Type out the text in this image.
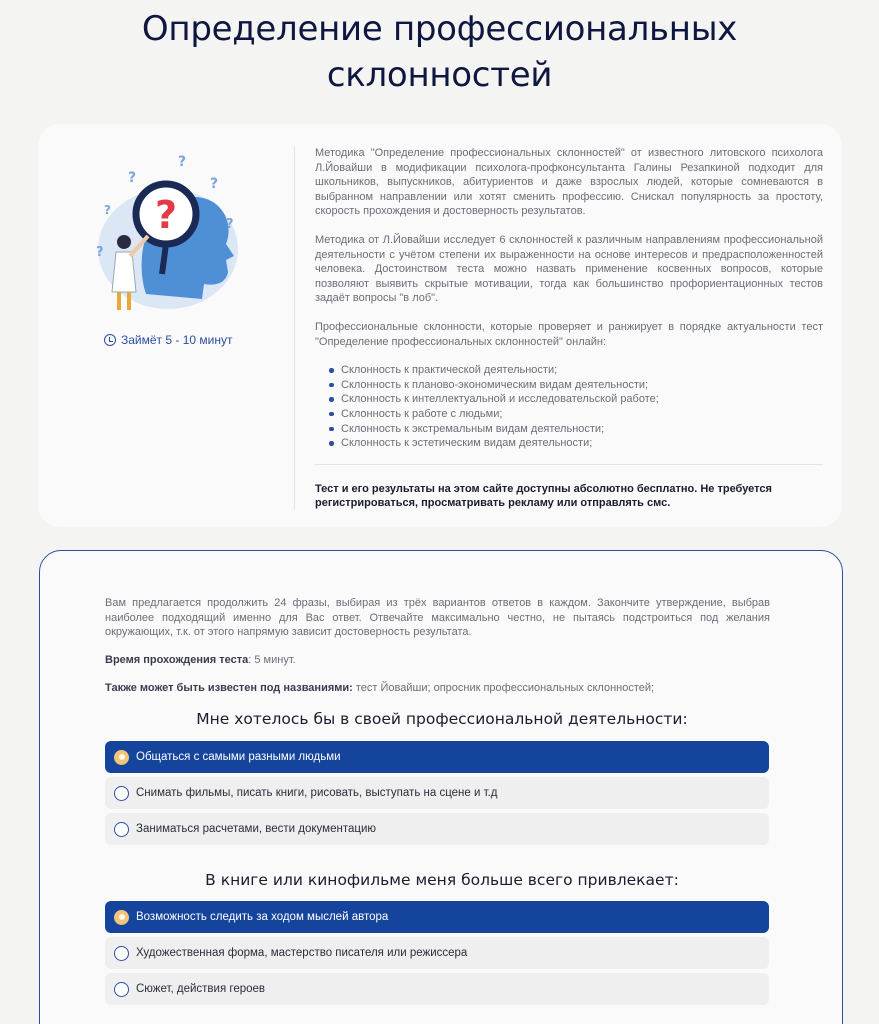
Определение профессиональных
склонностей
?
?
?
?
?
?
?
Займёт 5 - 10 минут

Методика "Определение профессиональных склонностей" от известного литовского психолога Л.Йовайши в модификации психолога-профконсультанта Галины Резапкиной подходит для школьников, выпускников, абитуриентов и даже взрослых людей, которые сомневаются в выбранном направлении или хотят сменить профессию. Снискал популярность за простоту, скорость прохождения и достоверность результатов.

Методика от Л.Йовайши исследует 6 склонностей к различным направлениям профессиональной деятельности с учётом степени их выраженности на основе интересов и предрасположенностей человека. Достоинством теста можно назвать применение косвенных вопросов, которые позволяют выявить скрытые мотивации, тогда как большинство профориентационных тестов задаёт вопросы "в лоб".

Профессиональные склонности, которые проверяет и ранжирует в порядке актуальности тест "Определение профессиональных склонностей" онлайн:

Склонность к практической деятельности;
Склонность к планово-экономическим видам деятельности;
Склонность к интеллектуальной и исследовательской работе;
Склонность к работе с людьми;
Склонность к экстремальным видам деятельности;
Склонность к эстетическим видам деятельности;
Тест и его результаты на этом сайте доступны абсолютно бесплатно. Не требуется регистрироваться, просматривать рекламу или отправлять смс.
Вам предлагается продолжить 24 фразы, выбирая из трёх вариантов ответов в каждом. Закончите утверждение, выбрав наиболее подходящий именно для Вас ответ. Отвечайте максимально честно, не пытаясь подстроиться под желания окружающих, т.к. от этого напрямую зависит достоверность результата.
Время прохождения теста: 5 минут.
Также может быть известен под названиями: тест Йовайши; опросник профессиональных склонностей;
Мне хотелось бы в своей профессиональной деятельности:
Общаться с самыми разными людьми
Снимать фильмы, писать книги, рисовать, выступать на сцене и т.д
Заниматься расчетами, вести документацию
В книге или кинофильме меня больше всего привлекает:
Возможность следить за ходом мыслей автора
Художественная форма, мастерство писателя или режиссера
Сюжет, действия героев
